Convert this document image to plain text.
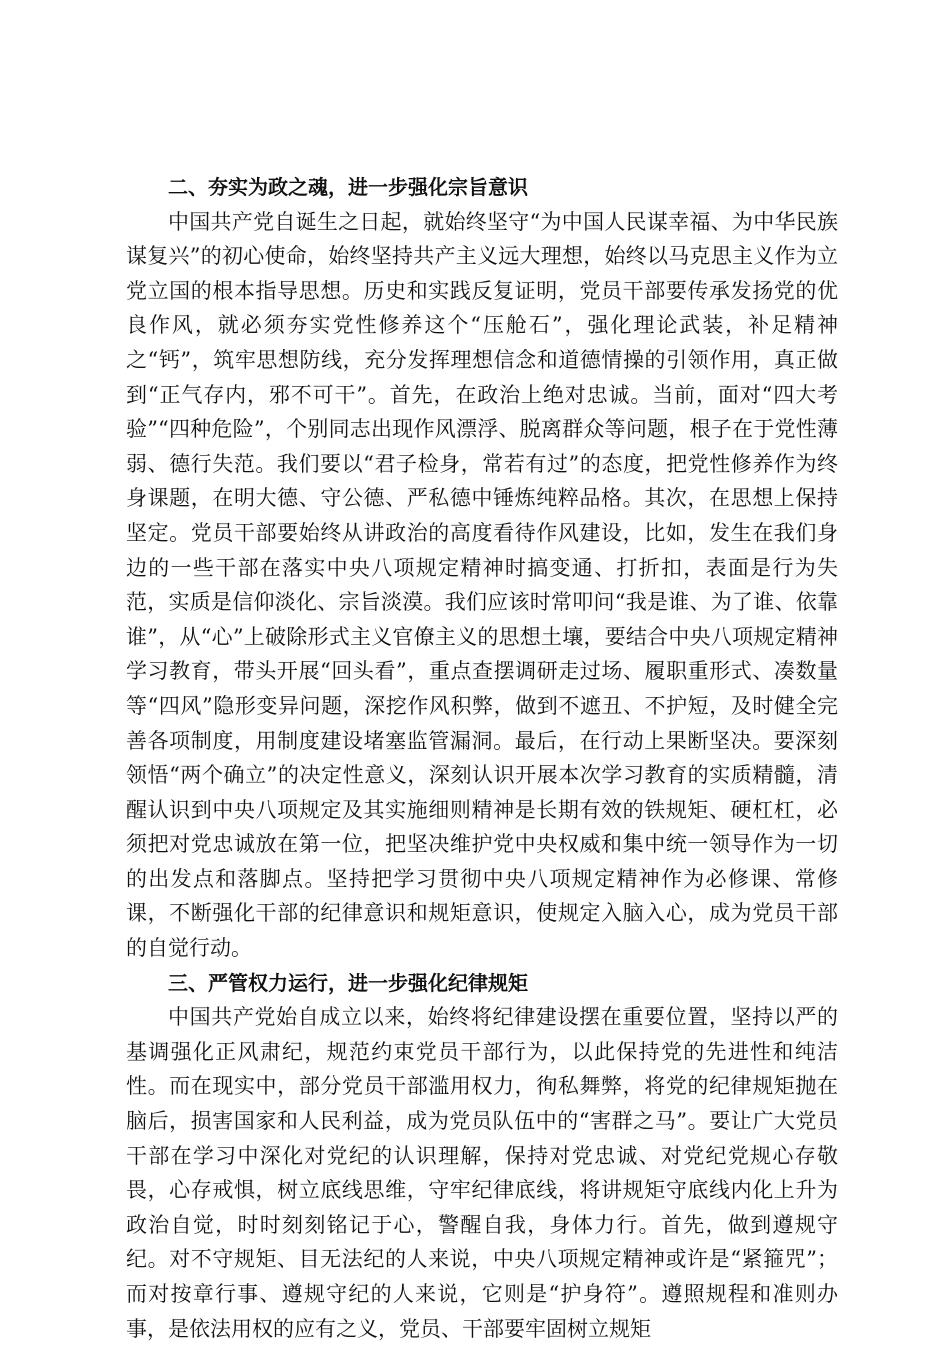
二、夯实为政之魂，进一步强化宗旨意识

中国共产党自诞生之日起，就始终坚守“为中国人民谋幸福、为中华民族谋复兴”的初心使命，始终坚持共产主义远大理想，始终以马克思主义作为立党立国的根本指导思想。历史和实践反复证明，党员干部要传承发扬党的优良作风，就必须夯实党性修养这个“压舱石”，强化理论武装，补足精神之“钙”，筑牢思想防线，充分发挥理想信念和道德情操的引领作用，真正做到“正气存内，邪不可干”。首先，在政治上绝对忠诚。当前，面对“四大考验”“四种危险”，个别同志出现作风漂浮、脱离群众等问题，根子在于党性薄弱、德行失范。我们要以“君子检身，常若有过”的态度，把党性修养作为终身课题，在明大德、守公德、严私德中锤炼纯粹品格。其次，在思想上保持坚定。党员干部要始终从讲政治的高度看待作风建设，比如，发生在我们身边的一些干部在落实中央八项规定精神时搞变通、打折扣，表面是行为失范，实质是信仰淡化、宗旨淡漠。我们应该时常叩问“我是谁、为了谁、依靠谁”，从“心”上破除形式主义官僚主义的思想土壤，要结合中央八项规定精神学习教育，带头开展“回头看”，重点查摆调研走过场、履职重形式、凑数量等“四风”隐形变异问题，深挖作风积弊，做到不遮丑、不护短，及时健全完善各项制度，用制度建设堵塞监管漏洞。最后，在行动上果断坚决。要深刻领悟“两个确立”的决定性意义，深刻认识开展本次学习教育的实质精髓，清醒认识到中央八项规定及其实施细则精神是长期有效的铁规矩、硬杠杠，必须把对党忠诚放在第一位，把坚决维护党中央权威和集中统一领导作为一切的出发点和落脚点。坚持把学习贯彻中央八项规定精神作为必修课、常修课，不断强化干部的纪律意识和规矩意识，使规定入脑入心，成为党员干部的自觉行动。

三、严管权力运行，进一步强化纪律规矩

中国共产党始自成立以来，始终将纪律建设摆在重要位置，坚持以严的基调强化正风肃纪，规范约束党员干部行为，以此保持党的先进性和纯洁性。而在现实中，部分党员干部滥用权力，徇私舞弊，将党的纪律规矩抛在脑后，损害国家和人民利益，成为党员队伍中的“害群之马”。要让广大党员干部在学习中深化对党纪的认识理解，保持对党忠诚、对党纪党规心存敬畏，心存戒惧，树立底线思维，守牢纪律底线，将讲规矩守底线内化上升为政治自觉，时时刻刻铭记于心，警醒自我，身体力行。首先，做到遵规守纪。对不守规矩、目无法纪的人来说，中央八项规定精神或许是“紧箍咒”；而对按章行事、遵规守纪的人来说，它则是“护身符”。遵照规程和准则办事，是依法用权的应有之义，党员、干部要牢固树立规矩
